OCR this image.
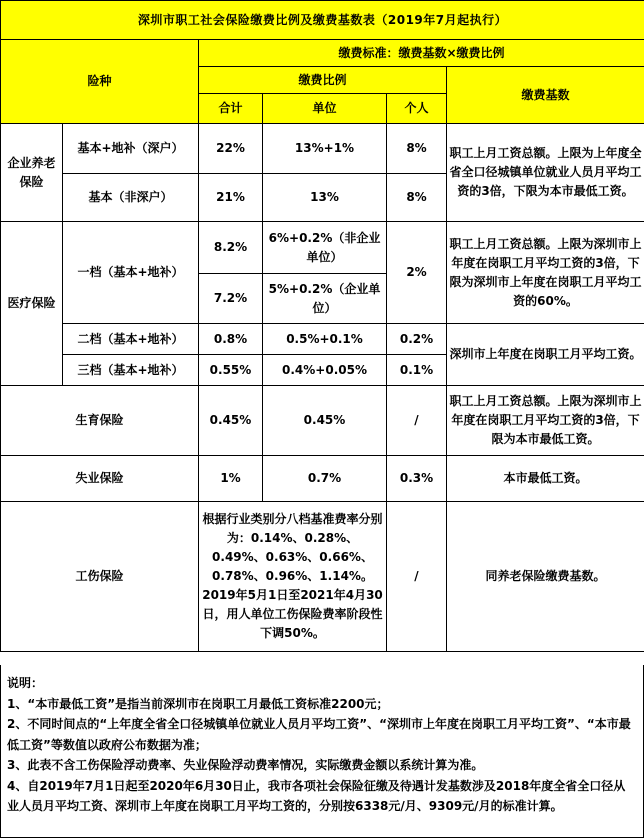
深圳市职工社会保险缴费比例及缴费基数表（2019年7月起执行）					
险种		缴费标准：缴费基数×缴费比例			
		缴费比例			缴费基数
		合计	单位	个人	
企业养老保险	基本+地补（深户）	22%	13%+1%	8%	职工上月工资总额。上限为上年度全省全口径城镇单位就业人员月平均工资的3倍，下限为本市最低工资。
	基本（非深户）	21%	13%	8%	
医疗保险	一档（基本+地补）	8.2%	6%+0.2%（非企业单位）	2%	职工上月工资总额。上限为深圳市上年度在岗职工月平均工资的3倍，下限为深圳市上年度在岗职工月平均工资的60%。
		7.2%	5%+0.2%（企业单位）		
	二档（基本+地补）	0.8%	0.5%+0.1%	0.2%	深圳市上年度在岗职工月平均工资。
	三档（基本+地补）	0.55%	0.4%+0.05%	0.1%	
生育保险		0.45%	0.45%	/	职工上月工资总额。上限为深圳市上年度在岗职工月平均工资的3倍，下限为本市最低工资。
失业保险		1%	0.7%	0.3%	本市最低工资。
工伤保险		根据行业类别分八档基准费率分别为：0.14%、0.28%、0.49%、0.63%、0.66%、0.78%、0.96%、1.14%。2019年5月1日至2021年4月30日，用人单位工伤保险费率阶段性下调50%。		/	同养老保险缴费基数。
说明：
1、“本市最低工资”是指当前深圳市在岗职工月最低工资标准2200元；
2、不同时间点的“上年度全省全口径城镇单位就业人员月平均工资”、“深圳市上年度在岗职工月平均工资”、“本市最低工资”等数值以政府公布数据为准；
3、此表不含工伤保险浮动费率、失业保险浮动费率情况，实际缴费金额以系统计算为准。
4、自2019年7月1日起至2020年6月30日止，我市各项社会保险征缴及待遇计发基数涉及2018年度全省全口径从业人员月平均工资、深圳市上年度在岗职工月平均工资的，分别按6338元/月、9309元/月的标准计算。
